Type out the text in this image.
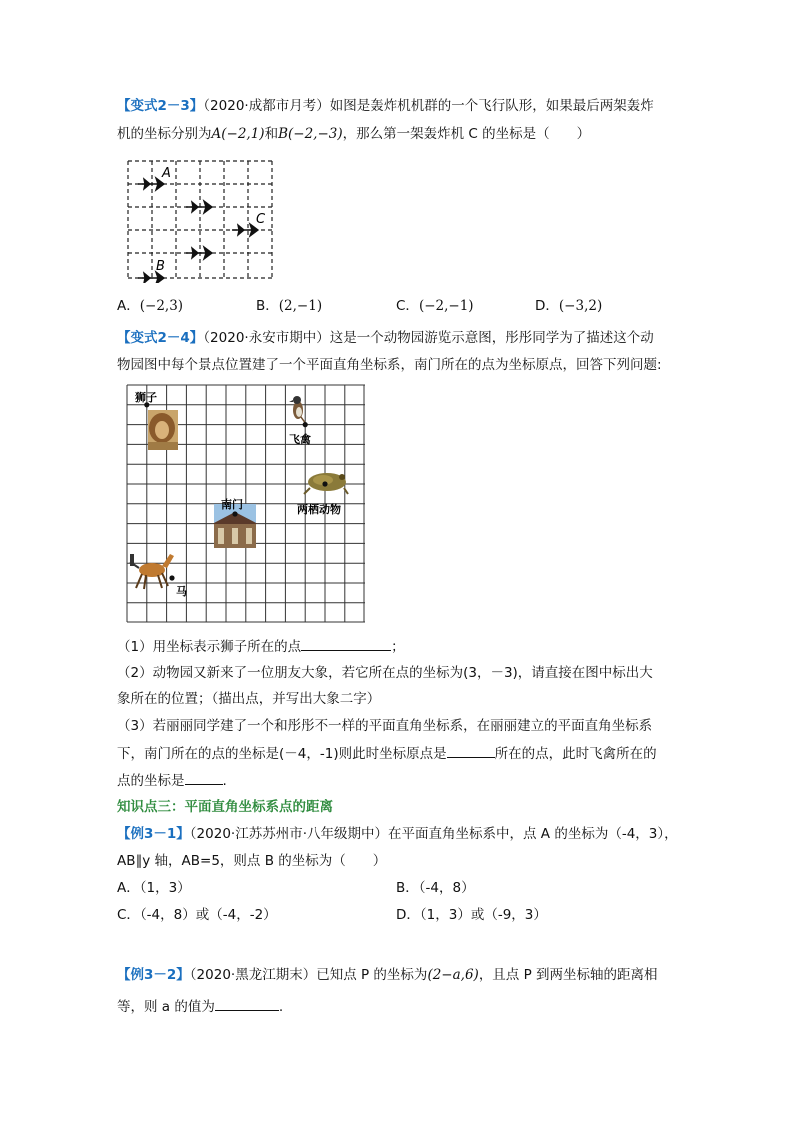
【变式2－3】（2020·成都市月考）如图是轰炸机机群的一个飞行队形，如果最后两架轰炸
机的坐标分别为A(−2,1)和B(−2,−3)，那么第一架轰炸机 C 的坐标是（　　）
A
C
B
A．(−2,3)	B．(2,−1)	C．(−2,−1)	D．(−3,2)
【变式2－4】（2020·永安市期中）这是一个动物园游览示意图，彤彤同学为了描述这个动
物园图中每个景点位置建了一个平面直角坐标系，南门所在的点为坐标原点，回答下列问题:
狮子
飞禽
两栖动物
南门
马
（1）用坐标表示狮子所在的点	；
（2）动物园又新来了一位朋友大象，若它所在点的坐标为(3，－3)，请直接在图中标出大
象所在的位置；（描出点，并写出大象二字）
（3）若丽丽同学建了一个和彤彤不一样的平面直角坐标系，在丽丽建立的平面直角坐标系
下，南门所在的点的坐标是(－4，-1)则此时坐标原点是	所在的点，此时飞禽所在的
点的坐标是	.
知识点三：平面直角坐标系点的距离
【例3－1】（2020·江苏苏州市·八年级期中）在平面直角坐标系中，点 A 的坐标为（-4，3），
AB∥y 轴，AB=5，则点 B 的坐标为（　　）
A．（1，3）	B．（-4，8）
C．（-4，8）或（-4，-2）	D．（1，3）或（-9，3）
【例3－2】（2020·黑龙江期末）已知点 P 的坐标为(2−a,6)，且点 P 到两坐标轴的距离相
等，则 a 的值为	.
